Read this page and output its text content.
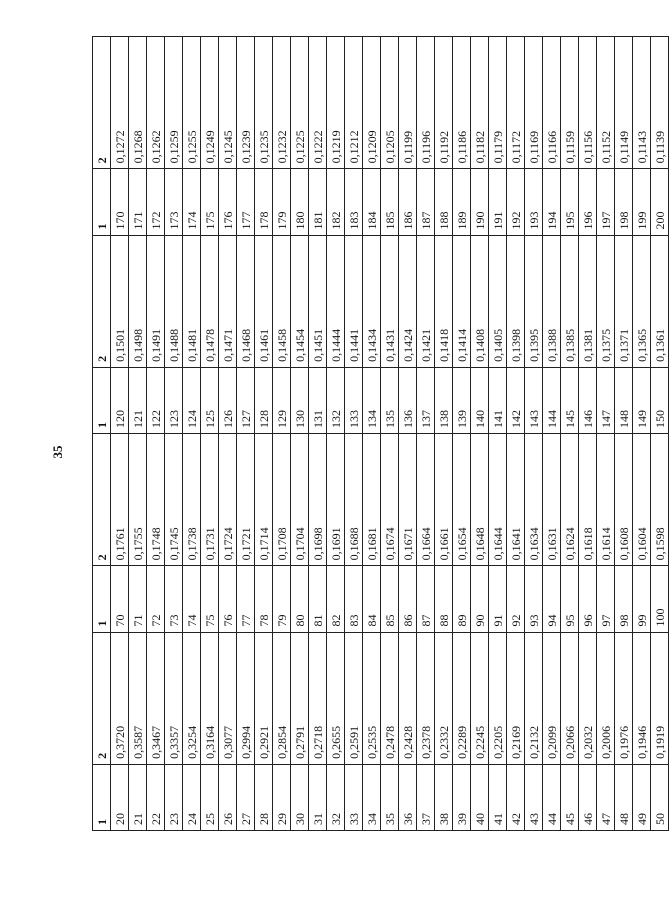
35
1	2	1	2	1	2	1	2
20	0,3720	70	0,1761	120	0,1501	170	0,1272
21	0,3587	71	0,1755	121	0,1498	171	0,1268
22	0,3467	72	0,1748	122	0,1491	172	0,1262
23	0,3357	73	0,1745	123	0,1488	173	0,1259
24	0,3254	74	0,1738	124	0,1481	174	0,1255
25	0,3164	75	0,1731	125	0,1478	175	0,1249
26	0,3077	76	0,1724	126	0,1471	176	0,1245
27	0,2994	77	0,1721	127	0,1468	177	0,1239
28	0,2921	78	0,1714	128	0,1461	178	0,1235
29	0,2854	79	0,1708	129	0,1458	179	0,1232
30	0,2791	80	0,1704	130	0,1454	180	0,1225
31	0,2718	81	0,1698	131	0,1451	181	0,1222
32	0,2655	82	0,1691	132	0,1444	182	0,1219
33	0,2591	83	0,1688	133	0,1441	183	0,1212
34	0,2535	84	0,1681	134	0,1434	184	0,1209
35	0,2478	85	0,1674	135	0,1431	185	0,1205
36	0,2428	86	0,1671	136	0,1424	186	0,1199
37	0,2378	87	0,1664	137	0,1421	187	0,1196
38	0,2332	88	0,1661	138	0,1418	188	0,1192
39	0,2289	89	0,1654	139	0,1414	189	0,1186
40	0,2245	90	0,1648	140	0,1408	190	0,1182
41	0,2205	91	0,1644	141	0,1405	191	0,1179
42	0,2169	92	0,1641	142	0,1398	192	0,1172
43	0,2132	93	0,1634	143	0,1395	193	0,1169
44	0,2099	94	0,1631	144	0,1388	194	0,1166
45	0,2066	95	0,1624	145	0,1385	195	0,1159
46	0,2032	96	0,1618	146	0,1381	196	0,1156
47	0,2006	97	0,1614	147	0,1375	197	0,1152
48	0,1976	98	0,1608	148	0,1371	198	0,1149
49	0,1946	99	0,1604	149	0,1365	199	0,1143
50	0,1919	100	0,1598	150	0,1361	200	0,1139
